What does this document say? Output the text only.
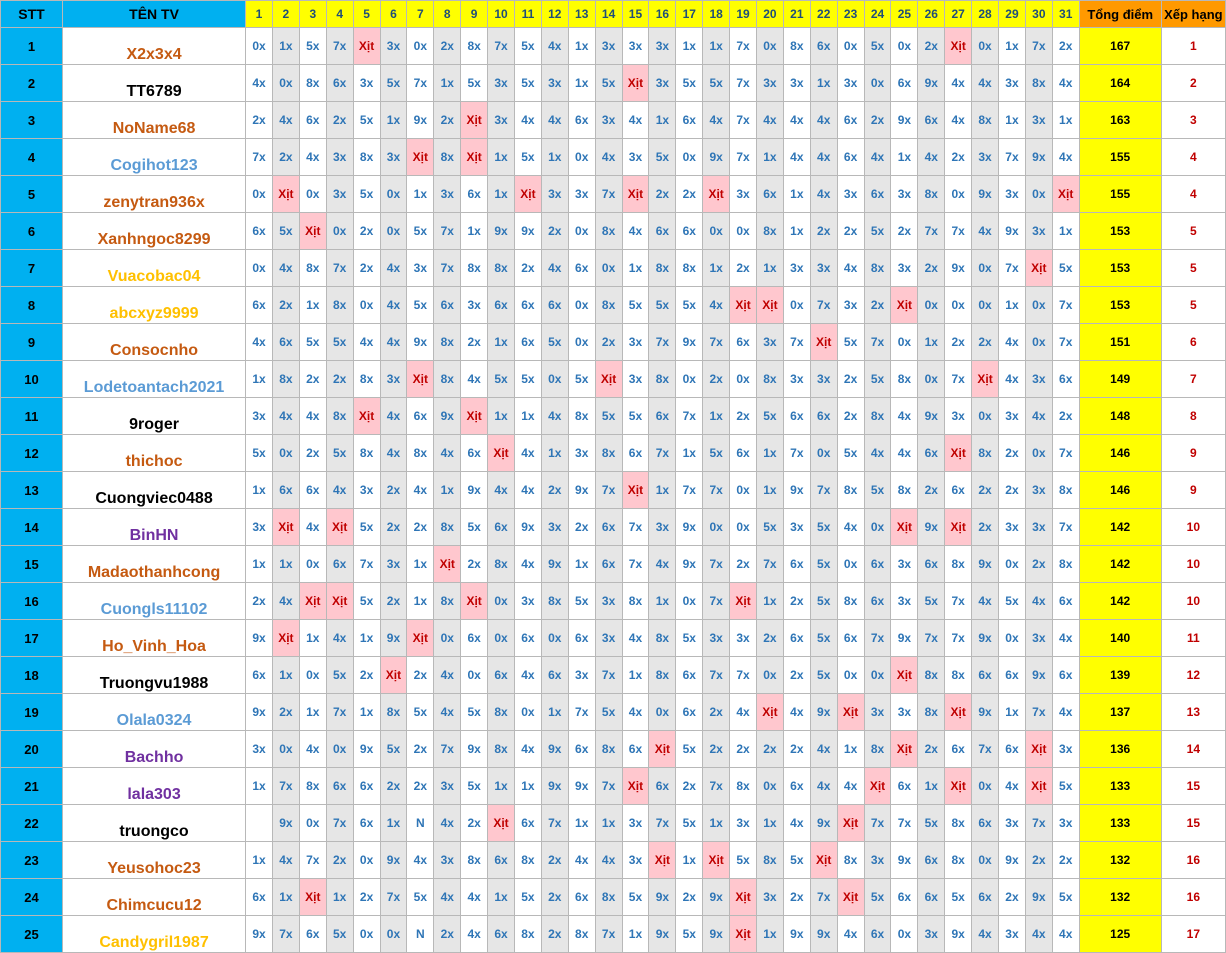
STT	TÊN TV	1	2	3	4	5	6	7	8	9	10	11	12	13	14	15	16	17	18	19	20	21	22	23	24	25	26	27	28	29	30	31	Tổng điểm	Xếp hạng
1	X2x3x4	0x	1x	5x	7x	Xịt	3x	0x	2x	8x	7x	5x	4x	1x	3x	3x	3x	1x	1x	7x	0x	8x	6x	0x	5x	0x	2x	Xịt	0x	1x	7x	2x	167	1
2	TT6789	4x	0x	8x	6x	3x	5x	7x	1x	5x	3x	5x	3x	1x	5x	Xịt	3x	5x	5x	7x	3x	3x	1x	3x	0x	6x	9x	4x	4x	3x	8x	4x	164	2
3	NoName68	2x	4x	6x	2x	5x	1x	9x	2x	Xịt	3x	4x	4x	6x	3x	4x	1x	6x	4x	7x	4x	4x	4x	6x	2x	9x	6x	4x	8x	1x	3x	1x	163	3
4	Cogihot123	7x	2x	4x	3x	8x	3x	Xịt	8x	Xịt	1x	5x	1x	0x	4x	3x	5x	0x	9x	7x	1x	4x	4x	6x	4x	1x	4x	2x	3x	7x	9x	4x	155	4
5	zenytran936x	0x	Xịt	0x	3x	5x	0x	1x	3x	6x	1x	Xịt	3x	3x	7x	Xịt	2x	2x	Xịt	3x	6x	1x	4x	3x	6x	3x	8x	0x	9x	3x	0x	Xịt	155	4
6	Xanhngoc8299	6x	5x	Xịt	0x	2x	0x	5x	7x	1x	9x	9x	2x	0x	8x	4x	6x	6x	0x	0x	8x	1x	2x	2x	5x	2x	7x	7x	4x	9x	3x	1x	153	5
7	Vuacobac04	0x	4x	8x	7x	2x	4x	3x	7x	8x	8x	2x	4x	6x	0x	1x	8x	8x	1x	2x	1x	3x	3x	4x	8x	3x	2x	9x	0x	7x	Xịt	5x	153	5
8	abcxyz9999	6x	2x	1x	8x	0x	4x	5x	6x	3x	6x	6x	6x	0x	8x	5x	5x	5x	4x	Xịt	Xịt	0x	7x	3x	2x	Xịt	0x	0x	0x	1x	0x	7x	153	5
9	Consocnho	4x	6x	5x	5x	4x	4x	9x	8x	2x	1x	6x	5x	0x	2x	3x	7x	9x	7x	6x	3x	7x	Xịt	5x	7x	0x	1x	2x	2x	4x	0x	7x	151	6
10	Lodetoantach2021	1x	8x	2x	2x	8x	3x	Xịt	8x	4x	5x	5x	0x	5x	Xịt	3x	8x	0x	2x	0x	8x	3x	3x	2x	5x	8x	0x	7x	Xịt	4x	3x	6x	149	7
11	9roger	3x	4x	4x	8x	Xịt	4x	6x	9x	Xịt	1x	1x	4x	8x	5x	5x	6x	7x	1x	2x	5x	6x	6x	2x	8x	4x	9x	3x	0x	3x	4x	2x	148	8
12	thichoc	5x	0x	2x	5x	8x	4x	8x	4x	6x	Xịt	4x	1x	3x	8x	6x	7x	1x	5x	6x	1x	7x	0x	5x	4x	4x	6x	Xịt	8x	2x	0x	7x	146	9
13	Cuongviec0488	1x	6x	6x	4x	3x	2x	4x	1x	9x	4x	4x	2x	9x	7x	Xịt	1x	7x	7x	0x	1x	9x	7x	8x	5x	8x	2x	6x	2x	2x	3x	8x	146	9
14	BinHN	3x	Xịt	4x	Xịt	5x	2x	2x	8x	5x	6x	9x	3x	2x	6x	7x	3x	9x	0x	0x	5x	3x	5x	4x	0x	Xịt	9x	Xịt	2x	3x	3x	7x	142	10
15	Madaothanhcong	1x	1x	0x	6x	7x	3x	1x	Xịt	2x	8x	4x	9x	1x	6x	7x	4x	9x	7x	2x	7x	6x	5x	0x	6x	3x	6x	8x	9x	0x	2x	8x	142	10
16	Cuongls11102	2x	4x	Xịt	Xịt	5x	2x	1x	8x	Xịt	0x	3x	8x	5x	3x	8x	1x	0x	7x	Xịt	1x	2x	5x	8x	6x	3x	5x	7x	4x	5x	4x	6x	142	10
17	Ho_Vinh_Hoa	9x	Xịt	1x	4x	1x	9x	Xịt	0x	6x	0x	6x	0x	6x	3x	4x	8x	5x	3x	3x	2x	6x	5x	6x	7x	9x	7x	7x	9x	0x	3x	4x	140	11
18	Truongvu1988	6x	1x	0x	5x	2x	Xịt	2x	4x	0x	6x	4x	6x	3x	7x	1x	8x	6x	7x	7x	0x	2x	5x	0x	0x	Xịt	8x	8x	6x	6x	9x	6x	139	12
19	Olala0324	9x	2x	1x	7x	1x	8x	5x	4x	5x	8x	0x	1x	7x	5x	4x	0x	6x	2x	4x	Xịt	4x	9x	Xịt	3x	3x	8x	Xịt	9x	1x	7x	4x	137	13
20	Bachho	3x	0x	4x	0x	9x	5x	2x	7x	9x	8x	4x	9x	6x	8x	6x	Xịt	5x	2x	2x	2x	2x	4x	1x	8x	Xịt	2x	6x	7x	6x	Xịt	3x	136	14
21	lala303	1x	7x	8x	6x	6x	2x	2x	3x	5x	1x	1x	9x	9x	7x	Xịt	6x	2x	7x	8x	0x	6x	4x	4x	Xịt	6x	1x	Xịt	0x	4x	Xịt	5x	133	15
22	truongco		9x	0x	7x	6x	1x	N	4x	2x	Xịt	6x	7x	1x	1x	3x	7x	5x	1x	3x	1x	4x	9x	Xịt	7x	7x	5x	8x	6x	3x	7x	3x	133	15
23	Yeusohoc23	1x	4x	7x	2x	0x	9x	4x	3x	8x	6x	8x	2x	4x	4x	3x	Xịt	1x	Xịt	5x	8x	5x	Xịt	8x	3x	9x	6x	8x	0x	9x	2x	2x	132	16
24	Chimcucu12	6x	1x	Xịt	1x	2x	7x	5x	4x	4x	1x	5x	2x	6x	8x	5x	9x	2x	9x	Xịt	3x	2x	7x	Xịt	5x	6x	6x	5x	6x	2x	9x	5x	132	16
25	Candygril1987	9x	7x	6x	5x	0x	0x	N	2x	4x	6x	8x	2x	8x	7x	1x	9x	5x	9x	Xịt	1x	9x	9x	4x	6x	0x	3x	9x	4x	3x	4x	4x	125	17
